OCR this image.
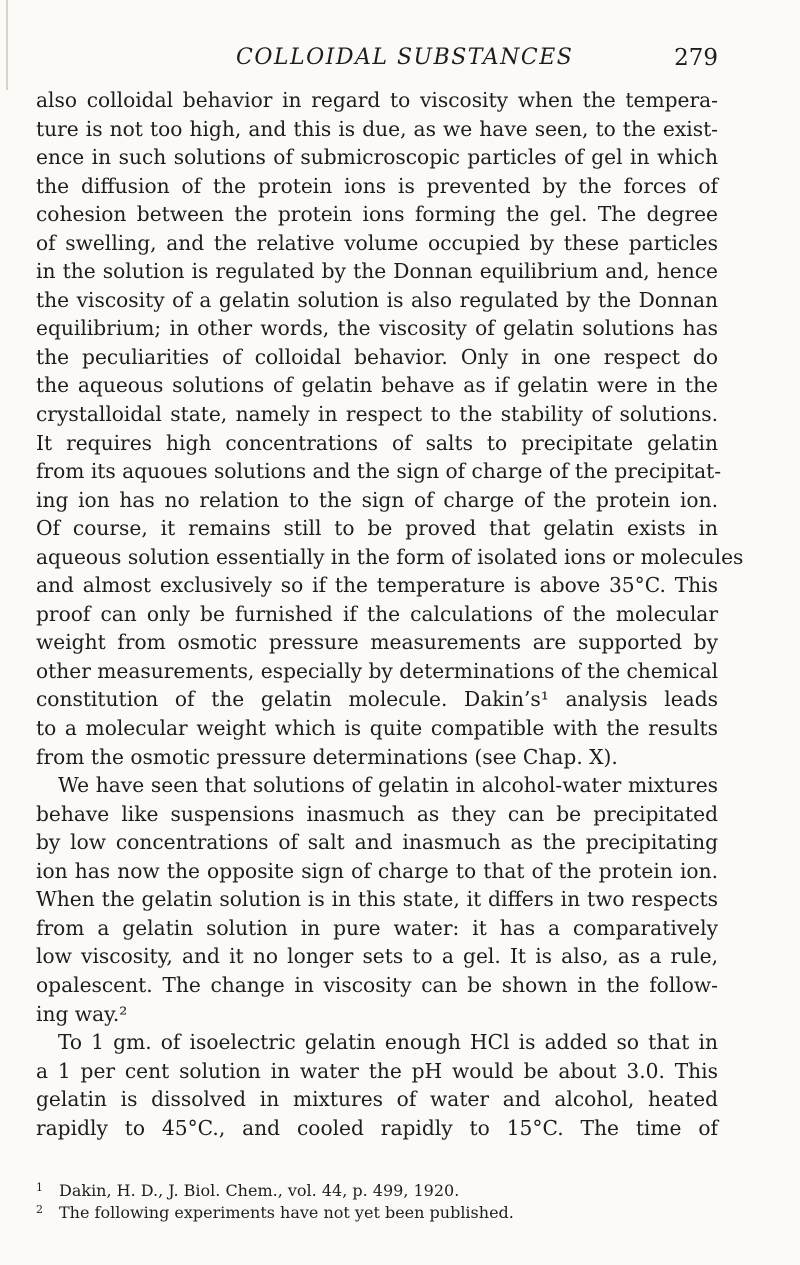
COLLOIDAL SUBSTANCES	279
also colloidal behavior in regard to viscosity when the tempera-
ture is not too high, and this is due, as we have seen, to the exist-
ence in such solutions of submicroscopic particles of gel in which
the diffusion of the protein ions is prevented by the forces of
cohesion between the protein ions forming the gel. The degree
of swelling, and the relative volume occupied by these particles
in the solution is regulated by the Donnan equilibrium and, hence
the viscosity of a gelatin solution is also regulated by the Donnan
equilibrium; in other words, the viscosity of gelatin solutions has
the peculiarities of colloidal behavior. Only in one respect do
the aqueous solutions of gelatin behave as if gelatin were in the
crystalloidal state, namely in respect to the stability of solutions.
It requires high concentrations of salts to precipitate gelatin
from its aquoues solutions and the sign of charge of the precipitat-
ing ion has no relation to the sign of charge of the protein ion.
Of course, it remains still to be proved that gelatin exists in
aqueous solution essentially in the form of isolated ions or molecules
and almost exclusively so if the temperature is above 35°C. This
proof can only be furnished if the calculations of the molecular
weight from osmotic pressure measurements are supported by
other measurements, especially by determinations of the chemical
constitution of the gelatin molecule. Dakin’s¹ analysis leads
to a molecular weight which is quite compatible with the results
from the osmotic pressure determinations (see Chap. X).
We have seen that solutions of gelatin in alcohol-water mixtures
behave like suspensions inasmuch as they can be precipitated
by low concentrations of salt and inasmuch as the precipitating
ion has now the opposite sign of charge to that of the protein ion.
When the gelatin solution is in this state, it differs in two respects
from a gelatin solution in pure water: it has a comparatively
low viscosity, and it no longer sets to a gel. It is also, as a rule,
opalescent. The change in viscosity can be shown in the follow-
ing way.²
To 1 gm. of isoelectric gelatin enough HCl is added so that in
a 1 per cent solution in water the pH would be about 3.0. This
gelatin is dissolved in mixtures of water and alcohol, heated
rapidly to 45°C., and cooled rapidly to 15°C. The time of
1 Dakin, H. D., J. Biol. Chem., vol. 44, p. 499, 1920.
2 The following experiments have not yet been published.
